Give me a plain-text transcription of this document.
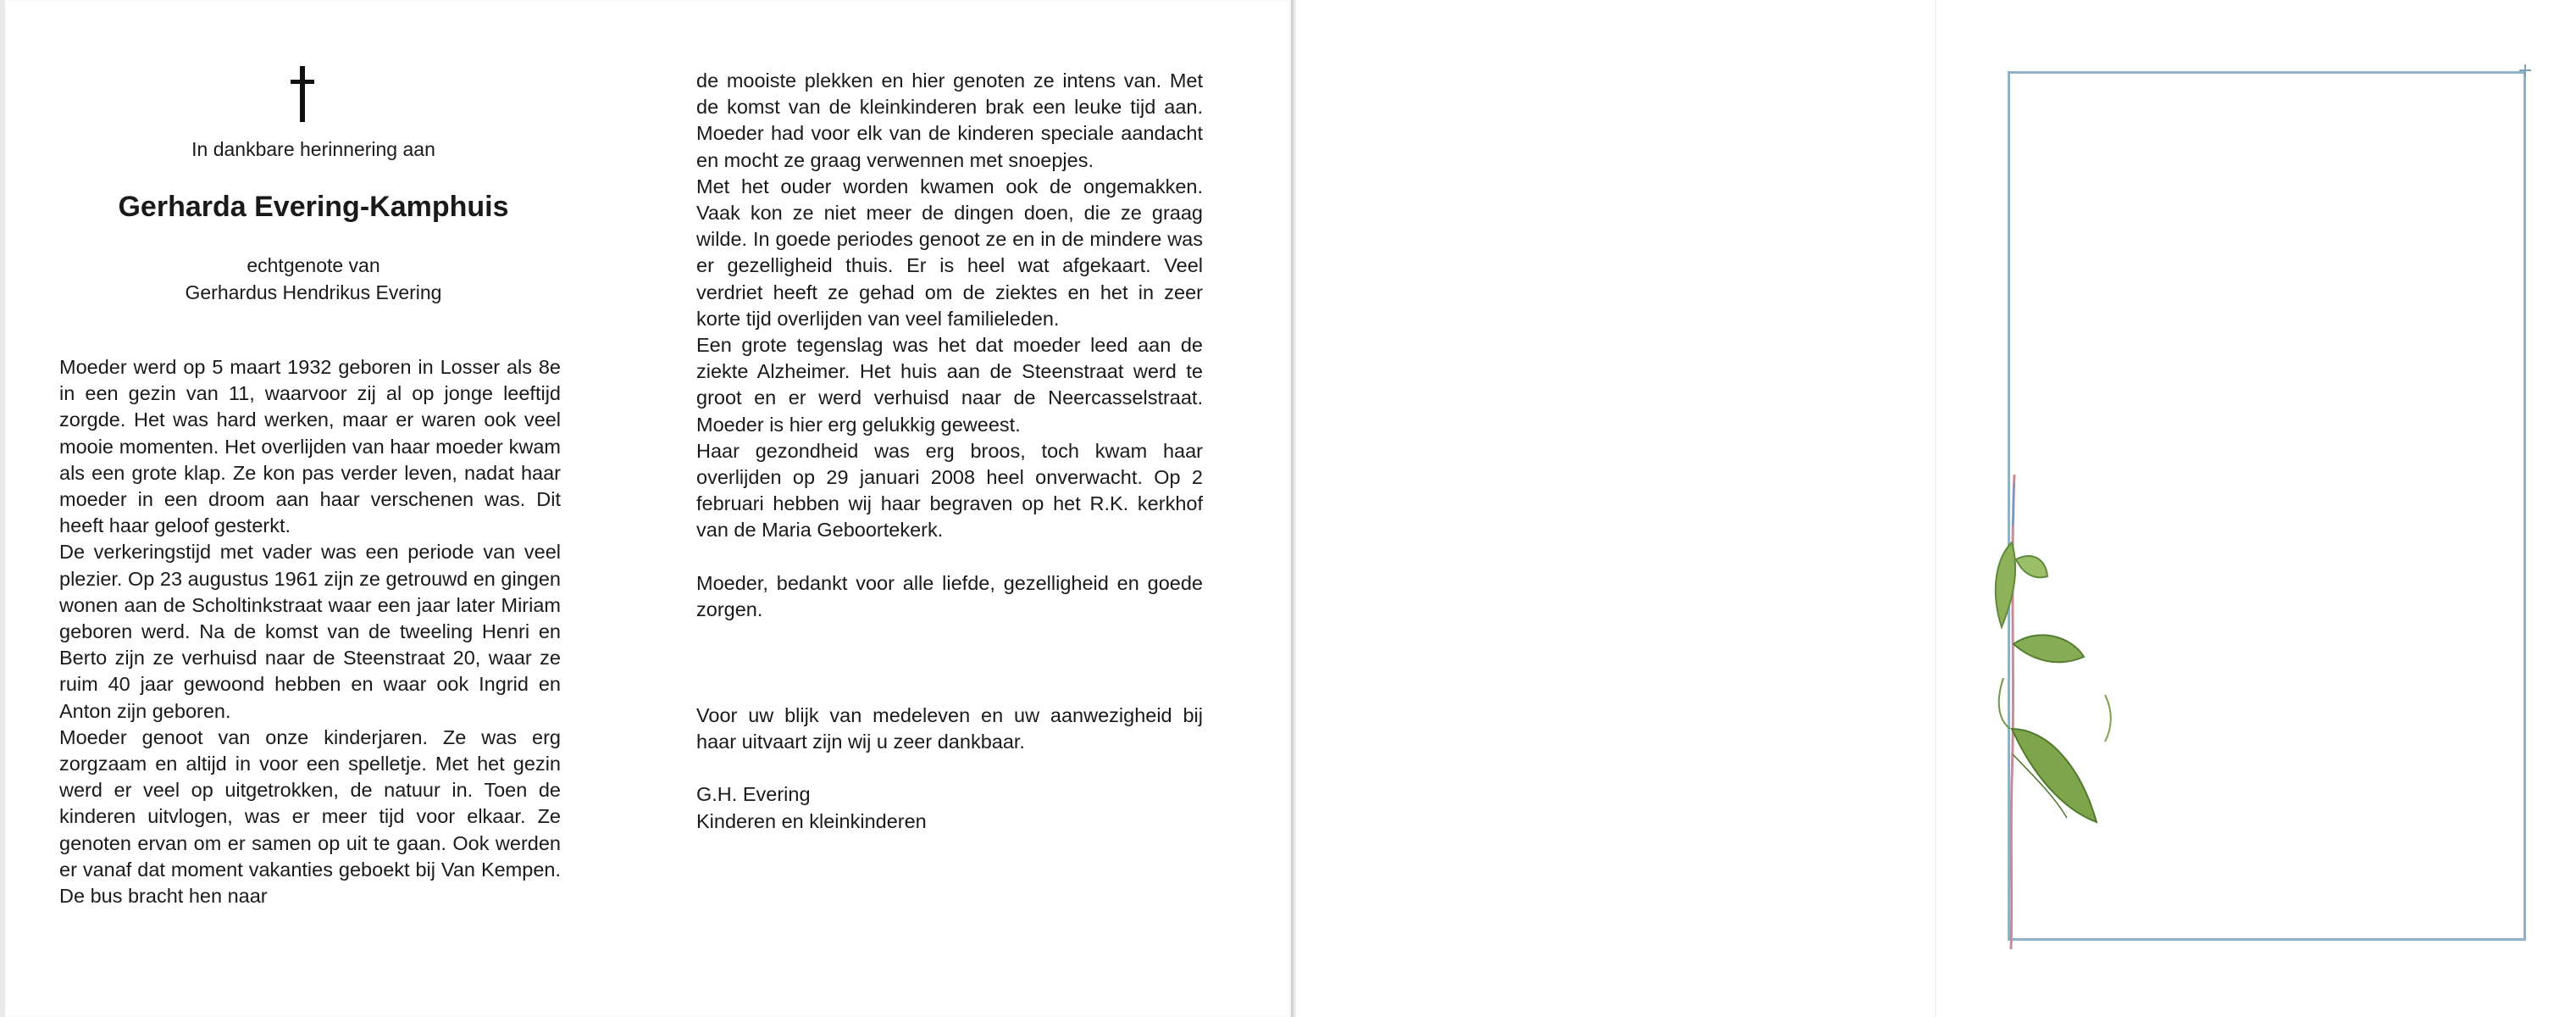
In dankbare herinnering aan

Gerharda Evering-Kamphuis

echtgenote van

Gerhardus Hendrikus Evering

Moeder werd op 5 maart 1932 geboren in Losser als 8e in een gezin van 11, waarvoor zij al op jonge leeftijd zorgde. Het was hard werken, maar er waren ook veel mooie momenten. Het overlijden van haar moeder kwam als een grote klap. Ze kon pas verder leven, nadat haar moeder in een droom aan haar verschenen was. Dit heeft haar geloof gesterkt.

De verkeringstijd met vader was een periode van veel plezier. Op 23 augustus 1961 zijn ze getrouwd en gingen wonen aan de Scholtinkstraat waar een jaar later Miriam geboren werd. Na de komst van de tweeling Henri en Berto zijn ze verhuisd naar de Steenstraat 20, waar ze ruim 40 jaar gewoond hebben en waar ook Ingrid en Anton zijn geboren.

Moeder genoot van onze kinderjaren. Ze was erg zorgzaam en altijd in voor een spelletje. Met het gezin werd er veel op uitgetrokken, de natuur in. Toen de kinderen uitvlogen, was er meer tijd voor elkaar. Ze genoten ervan om er samen op uit te gaan. Ook werden er vanaf dat moment vakanties geboekt bij Van Kempen. De bus bracht hen naar

de mooiste plekken en hier genoten ze intens van. Met de komst van de kleinkinderen brak een leuke tijd aan. Moeder had voor elk van de kinderen speciale aandacht en mocht ze graag verwennen met snoepjes.

Met het ouder worden kwamen ook de ongemakken. Vaak kon ze niet meer de dingen doen, die ze graag wilde. In goede periodes genoot ze en in de mindere was er gezelligheid thuis. Er is heel wat afgekaart. Veel verdriet heeft ze gehad om de ziektes en het in zeer korte tijd overlijden van veel familieleden.

Een grote tegenslag was het dat moeder leed aan de ziekte Alzheimer. Het huis aan de Steenstraat werd te groot en er werd verhuisd naar de Neercasselstraat. Moeder is hier erg gelukkig geweest.

Haar gezondheid was erg broos, toch kwam haar overlijden op 29 januari 2008 heel onverwacht. Op 2 februari hebben wij haar begraven op het R.K. kerkhof van de Maria Geboortekerk.

Moeder, bedankt voor alle liefde, gezelligheid en goede zorgen.

Voor uw blijk van medeleven en uw aanwezigheid bij haar uitvaart zijn wij u zeer dankbaar.

G.H. Evering

Kinderen en kleinkinderen
